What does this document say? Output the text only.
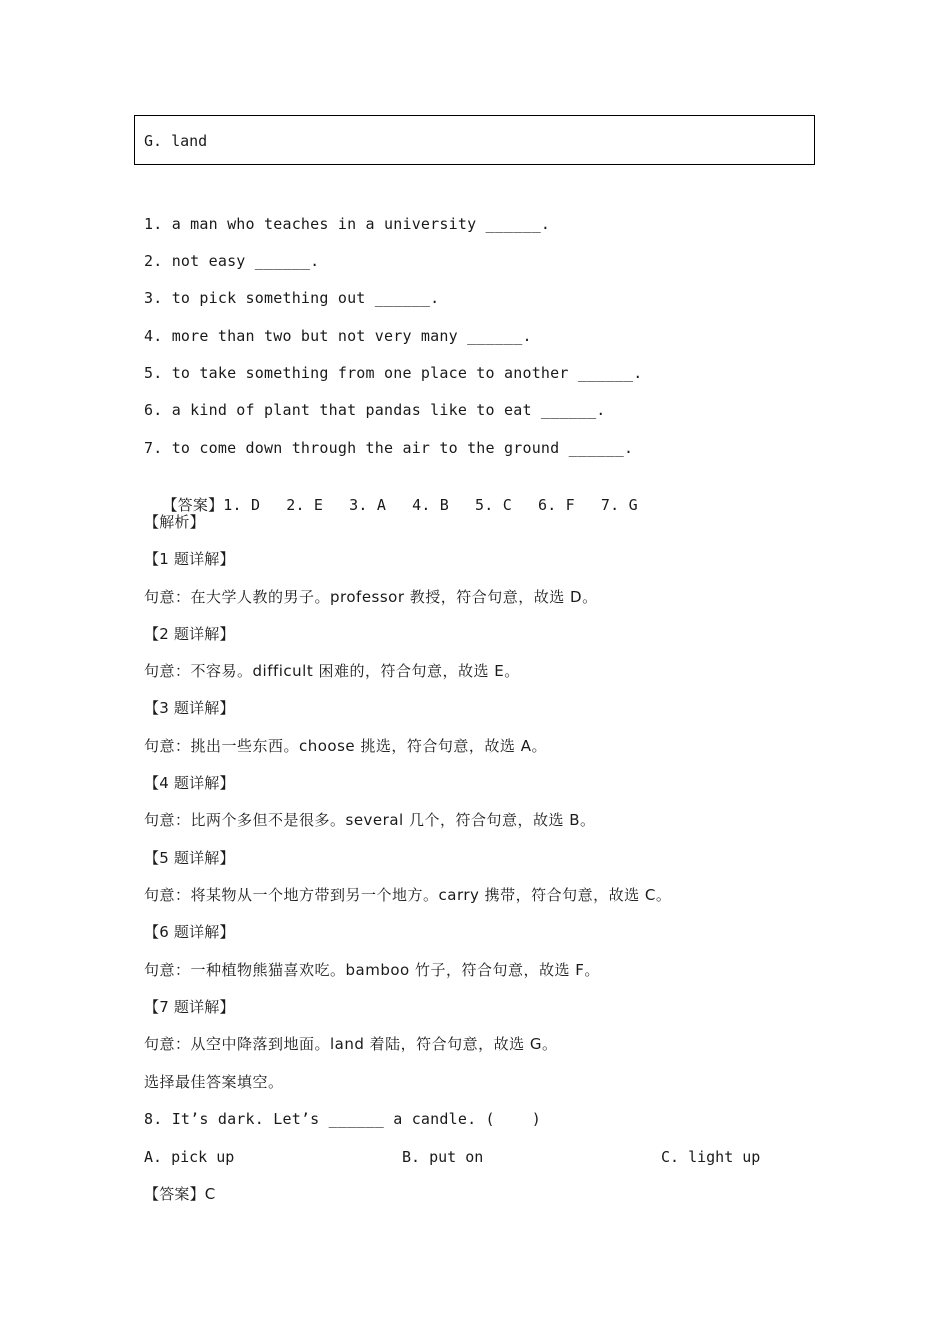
G. land
1. a man who teaches in a university ______.
2. not easy ______.
3. to pick something out ______.
4. more than two but not very many ______.
5. to take something from one place to another ______.
6. a kind of plant that pandas like to eat ______.
7. to come down through the air to the ground ______.

【答案】1. D 2. E 3. A 4. B 5. C 6. F 7. G

【解析】
【1 题详解】
句意：在大学人教的男子。professor 教授，符合句意，故选 D。
【2 题详解】
句意：不容易。difficult 困难的，符合句意，故选 E。
【3 题详解】
句意：挑出一些东西。choose 挑选，符合句意，故选 A。
【4 题详解】
句意：比两个多但不是很多。several 几个，符合句意，故选 B。
【5 题详解】
句意：将某物从一个地方带到另一个地方。carry 携带，符合句意，故选 C。
【6 题详解】
句意：一种植物熊猫喜欢吃。bamboo 竹子，符合句意，故选 F。
【7 题详解】
句意：从空中降落到地面。land 着陆，符合句意，故选 G。
选择最佳答案填空。
8. It’s dark. Let’s ______ a candle. (    )
A. pick up	B. put on	C. light up
【答案】C
